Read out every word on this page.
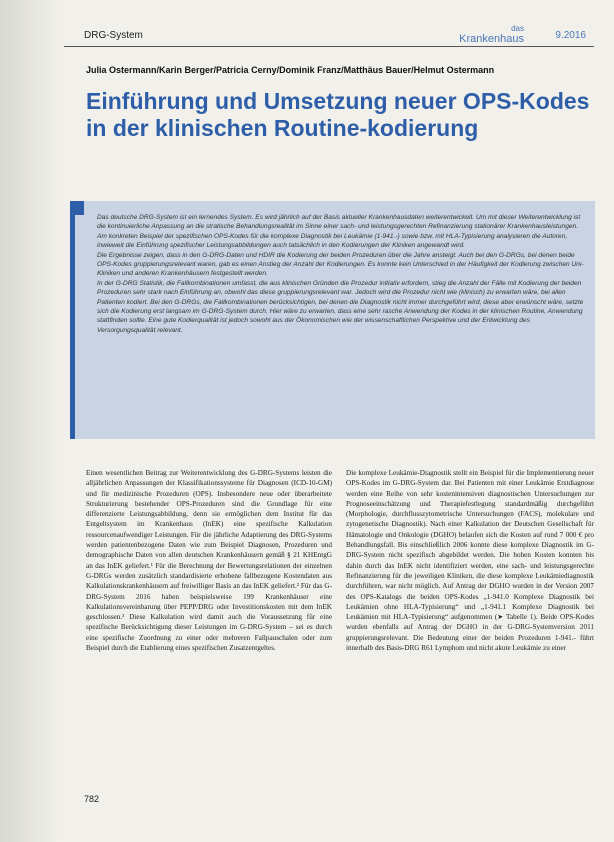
DRG-System
das
Krankenhaus	9.2016
Julia Ostermann/Karin Berger/Patricia Cerny/Dominik Franz/Matthäus Bauer/Helmut Ostermann
Einführung und Umsetzung neuer OPS-Kodes in der klinischen Routine-kodierung

Das deutsche DRG-System ist ein lernendes System. Es wird jährlich auf der Basis aktueller Krankenhausdaten weiterentwickelt. Um mit dieser Weiterentwicklung ist die kontinuierliche Anpassung an die stratische Behandlungsrealität im Sinne einer sach- und leistungsgerechten Refinanzierung stationärer Krankenhausleistungen. Am konkreten Beispiel der spezifischen OPS-Kodes für die komplexe Diagnostik bei Leukämie (1-941.-) sowie bzw. mit HLA-Typisierung analysieren die Autoren, inwieweit die Einführung spezifischer Leistungsabbildungen auch tatsächlich in den Kodierungen der Kliniken angewandt wird.

Die Ergebnisse zeigen, dass in den G-DRG-Daten und HDIR die Kodierung der beiden Prozeduren über die Jahre ansteigt. Auch bei den G-DRGs, bei denen beide OPS-Kodes gruppierungsrelevant waren, gab es einen Anstieg der Anzahl der Kodierungen. Es konnte kein Unterschied in der Häufigkeit der Kodierung zwischen Uni-Kliniken und anderen Krankenhäusern festgestellt werden.

In der G-DRG Statistik, die Fallkombinationen umfasst, die aus klinischen Gründen die Prozedur initiativ erfordern, stieg die Anzahl der Fälle mit Kodierung der beiden Prozeduren sehr stark nach Einführung an, obwohl das diese gruppierungsrelevant war. Jedoch wird die Prozedur nicht wie (klinisch) zu erwarten wäre, bei allen Patienten kodiert. Bei den G-DRGs, die Fallkombinationen berücksichtigen, bei denen die Diagnostik nicht immer durchgeführt wird, diese aber erwünscht wäre, setzte sich die Kodierung erst langsam im G-DRG-System durch. Hier wäre zu erwarten, dass eine sehr rasche Anwendung der Kodes in der klinischen Routine, Anwendung stattfinden sollte. Eine gute Kodierqualität ist jedoch sowohl aus der Ökonomischen wie der wissenschaftlichen Perspektive und der Entwicklung des Versorgungsqualität relevant.

Einen wesentlichen Beitrag zur Weiterentwicklung des G-DRG-Systems leisten die alljährlichen Anpassungen der Klassifikationssysteme für Diagnosen (ICD-10-GM) und für medizinische Prozeduren (OPS). Insbesondere neue oder überarbeitete Strukturierung bestehender OPS-Prozeduren sind die Grundlage für eine differenzierte Leistungsabbildung, denn sie ermöglichen dem Institut für das Entgeltsystem im Krankenhaus (InEK) eine spezifische Kalkulation ressourcenaufwendiger Leistungen. Für die jährliche Adaptierung des DRG-Systems werden patientenbezogene Daten wie zum Beispiel Diagnosen, Prozeduren und demographische Daten von allen deutschen Krankenhäusern gemäß § 21 KHEntgG an das InEK geliefert.¹ Für die Berechnung der Bewertungsrelationen der einzelnen G-DRGs werden zusätzlich standardisierte erhobene fallbezogene Kostendaten aus Kalkulationskrankenhäusern auf freiwilliger Basis an das InEK geliefert.² Für das G-DRG-System 2016 haben beispielsweise 199 Krankenhäuser eine Kalkulationsvereinbarung über PEPP/DRG oder Investitionskosten mit dem InEK geschlossen.³ Diese Kalkulation wird damit auch die Voraussetzung für eine spezifische Berücksichtigung dieser Leistungen im G-DRG-System – sei es durch eine spezifische Zuordnung zu einer oder mehreren Fallpauschalen oder zum Beispiel durch die Etablierung eines spezifischen Zusatzentgeltes.

Die komplexe Leukämie-Diagnostik stellt ein Beispiel für die Implementierung neuer OPS-Kodes im G-DRG-System dar. Bei Patienten mit einer Leukämie Erstdiagnose werden eine Reihe von sehr kostenintensiven diagnostischen Untersuchungen zur Prognoseeinschätzung und Therapiefestlegung standardmäßig durchgeführt (Morphologie, durchflusszytometrische Untersuchungen (FACS), molekulare und zytogenetische Diagnostik). Nach einer Kalkulation der Deutschen Gesellschaft für Hämatologie und Onkologie (DGHO) belaufen sich die Kosten auf rund 7 000 € pro Behandlungsfall. Bis einschließlich 2006 konnte diese komplexe Diagnostik im G-DRG-System nicht spezifisch abgebildet werden. Die hohen Kosten konnten bis dahin durch das InEK nicht identifiziert werden, eine sach- und leistungsgerechte Refinanzierung für die jeweiligen Kliniken, die diese komplexe Leukämiediagnostik durchführen, war nicht möglich. Auf Antrag der DGHO wurden in der Version 2007 des OPS-Katalogs die beiden OPS-Kodes „1-941.0 Komplexe Diagnostik bei Leukämien ohne HLA-Typisierung“ und „1-941.1 Komplexe Diagnostik bei Leukämien mit HLA-Typisierung“ aufgenommen (➤ Tabelle 1). Beide OPS-Kodes wurden ebenfalls auf Antrag der DGHO in der G-DRG-Systemversion 2011 gruppierungsrelevant. Die Bedeutung einer der beiden Prozeduren 1-941.- führt innerhalb des Basis-DRG R61 Lymphom und nicht akute Leukämie zu einer

782
